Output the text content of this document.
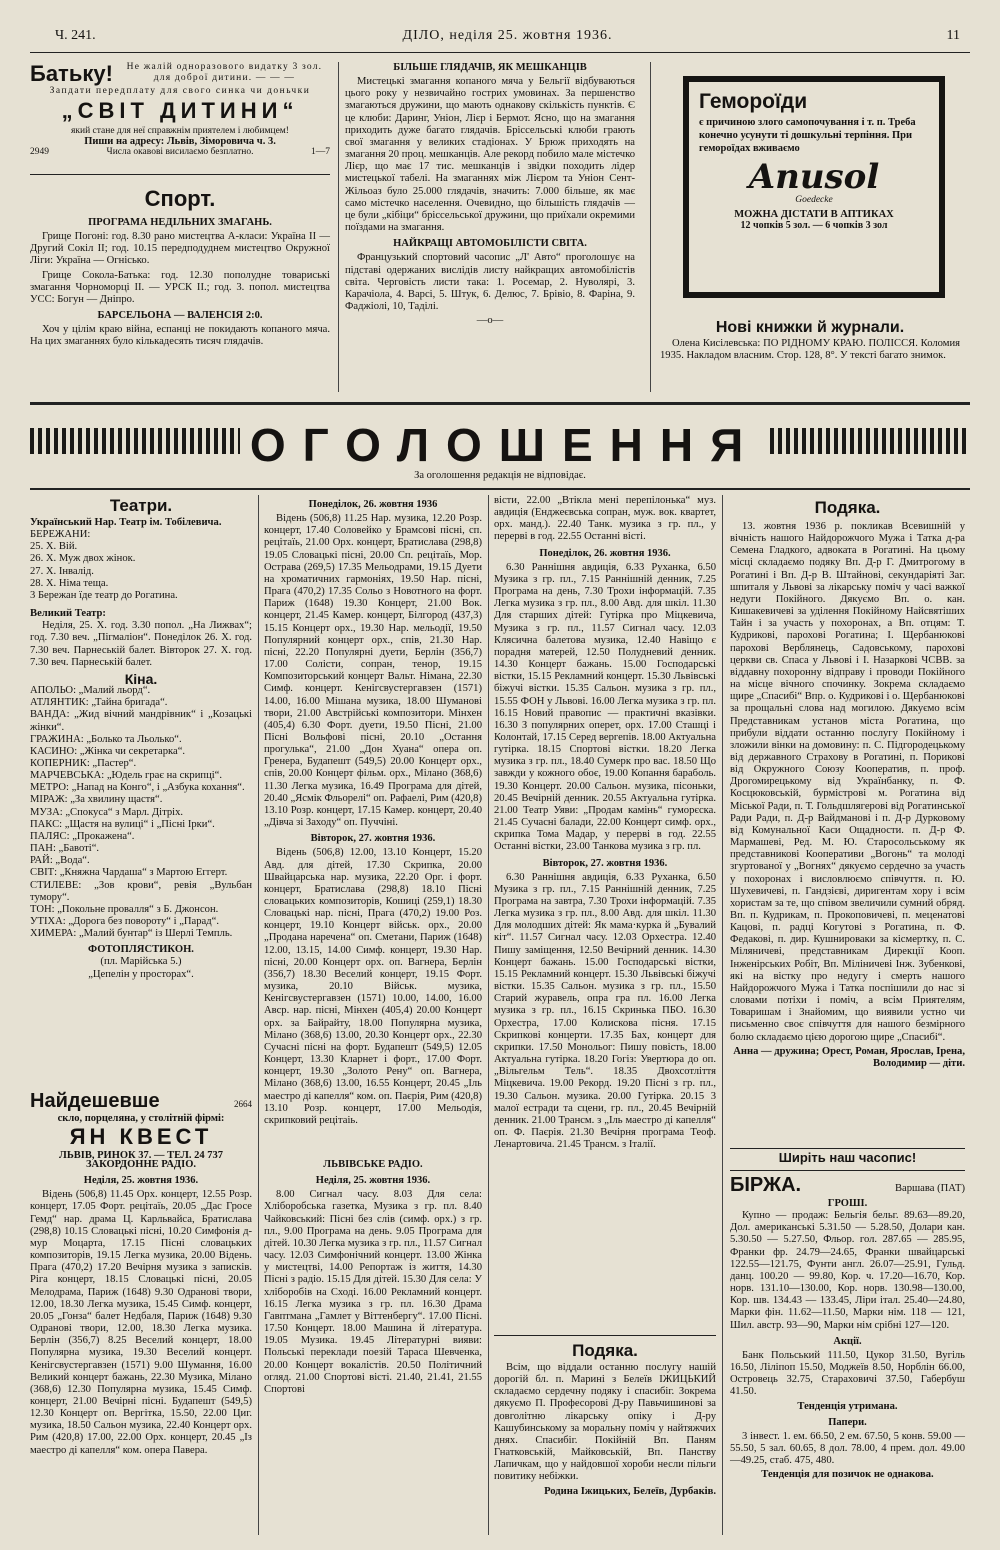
Ч. 241.	ДІЛО, неділя 25. жовтня 1936.	11
Батьку!	Не жалій одноразового видатку 3 зол. для доброї дитини. — — —
Запдати передплату для свого синка чи доньчки
„СВІТ ДИТИНИ“
який стане для неї справжнім приятелем і любимцем!
Пиши на адресу: Львів, Зіморовича ч. 3.
2949	Числа окавові висилаємо безплатно.	1—7
Спорт.
ПРОГРАМА НЕДІЛЬНИХ ЗМАГАНЬ.

Грище Погоні: год. 8.30 рано мистецтва А-класи: Україна II — Другий Сокіл II; год. 10.15 передподуднем мистецтво Окружної Ліги: Україна — Огнісько.

Грище Сокола-Батька: год. 12.30 пополудне товариські змагання Чорноморці II. — УРСК II.; год. 3. попол. мистецтва УСС: Богун — Дніпро.

БАРСЕЛЬОНА — ВАЛЕНСІЯ 2:0.

Хоч у цілім краю війна, еспанці не покидають копаного мяча. На цих змаганнях було кількадесять тисяч глядачів.

БІЛЬШЕ ГЛЯДАЧІВ, ЯК МЕШКАНЦІВ

Мистецькі змагання копаного мяча у Бельгії відбуваються цього року у незвичайно гострих умовинах. За першенство змагаються дружини, що мають однакову скількість пунктів. Є це клюби: Даринг, Уніон, Лієр і Бермот. Ясно, що на змагання приходить дуже багато глядачів. Брісcельські клюби грають свої змагання у великих стадіонах. У Брюж приходять на змагання 20 проц. мешканців. Але рекорд побило мале містечко Лієр, що має 17 тис. мешканців і звідки походить лідер мистецької табелі. На змаганнях між Лієром та Уніон Сент-Жільоаз було 25.000 глядачів, значить: 7.000 більше, як має само містечко населення. Очевидно, що більшість глядачів — це були „кібіци“ брісcельської дружини, що приїхали окремими поїздами на змагання.

НАЙКРАЩІ АВТОМОБІЛІСТИ СВІТА.

Французький спортовий часопис „Л' Авто“ проголошує на підставі одержаних вислідів листу найкращих автомобілістів світа. Черговість листи така: 1. Росемар, 2. Нуволярі, 3. Карачіола, 4. Варсі, 5. Штук, 6. Делюс, 7. Брівіо, 8. Фаріна, 9. Фаджіолі, 10, Таділі.

—o—
Гемороїди
є причиною злого самопочування і т. п. Треба конечно усунути ті дошкульні терпіння. При гемороїдах вживаємо
Anusol
Goedecke
МОЖНА ДІСТАТИ В АПТИКАХ
12 чопків 5 зол. — 6 чопків 3 зол
Нові книжки й журнали.

Олена Кисілевська: ПО РІДНОМУ КРАЮ. ПОЛІССЯ. Коломия 1935. Накладом власним. Стор. 128, 8°. У тексті багато знимок.

ОГОЛОШЕННЯ
За оголошення редакція не відповідає.
Театри.
Український Нар. Театр ім. Тобілевича.
БЕРЕЖАНИ:
25. X. Вій.
26. X. Муж двох жінок.
27. X. Інвалід.
28. X. Німа теща.
3 Бережан їде театр до Рогатина.
Великий Театр:

Неділя, 25. X. год. 3.30 попол. „На Лижвах“; год. 7.30 веч. „Пігмаліон“. Понеділок 26. X. год. 7.30 веч. Парнеській балет. Вівторок 27. X. год. 7.30 веч. Парнеській балет.

Кіна.
АПОЛЬО: „Малий льорд“.
АТЛЯНТИК: „Тайна бригада“.
ВАНДА: „Жид вічний мандрівник“ і „Козацькі жінки“.
ГРАЖИНА: „Болько та Льолько“.
КАСИНО: „Жінка чи секретарка“.
КОПЕРНИК: „Пастер“.
МАРЧЕВСЬКА: „Юдель грає на скрипці“.
МЕТРО: „Напад на Конго“, і „Азбука кохання“.
МІРАЖ: „За хвилину щастя“.
МУЗА: „Спокуса“ з Марл. Дітріх.
ПАКС: „Щастя на вулиці“ і „Пісні Ірки“.
ПАЛЯС: „Прокажена“.
ПАН: „Бавоті“.
РАЙ: „Вода“.
СВІТ: „Княжна Чардаша“ з Мартою Еггерт.
СТИЛЕВЕ: „Зов крови“, ревія „Вульбан тумору“.
ТОН: „Покольне провалля“ з Б. Джонсон.
УТІХА: „Дорога без повороту“ і „Парад“.
ХИМЕРА: „Малий бунтар“ із Шерлі Темпль.
ФОТОПЛЯСТИКОН.
(пл. Марійська 5.)
„Цепелін у просторах“.
Найдешевше	2664
скло, порцеляна, у столітній фірмі:
ЯН КВЕСТ
ЛЬВІВ, РИНОК 37. — ТЕЛ. 24 737
ЗАКОРДОННЕ РАДІО.
Неділя, 25. жовтня 1936.

Відень (506,8) 11.45 Орх. концерт, 12.55 Розр. концерт, 17.05 Форт. рецітаїь, 20.05 „Дас Гросе Гемд“ нар. драма Ц. Карльвайса, Братислава (298,8) 10.15 Словацькі пісні, 10.20 Симфонія д-мур Моцарта, 17.15 Пісні словацьких композиторів, 19.15 Легка музика, 20.00 Відень. Прага (470,2) 17.20 Вечірня музика з записків. Ріга концерт, 18.15 Словацькі пісні, 20.05 Мелодрама, Париж (1648) 9.30 Одранові твори, 12.00, 18.30 Легка музика, 15.45 Симф. концерт, 20.05 „Гонза“ балет Недбаля, Париж (1648) 9.30 Одранові твори, 12.00, 18.30 Легка музика. Берлін (356,7) 8.25 Веселий концерт, 18.00 Популярна музика, 19.30 Веселий концерт. Кенігсвустергавзен (1571) 9.00 Шумання, 16.00 Великий концерт бажань, 22.30 Музика, Мілано (368,6) 12.30 Популярна музика, 15.45 Симф. концерт, 21.00 Вечірні пісні. Будапешт (549,5) 12.30 Концерт оп. Вергітка, 15.50, 22.00 Циг. музика, 18.50 Сальон музика, 22.40 Концерт орх. Рим (420,8) 17.00, 22.00 Орх. концерт, 20.45 „Із маестро ді капелля“ ком. опера Павера.

Понеділок, 26. жовтня 1936

Відень (506,8) 11.25 Нар. музика, 12.20 Розр. концерт, 17.40 Соловейко у Брамсові пісні, сп. рецітаїь, 21.00 Орх. концерт, Братислава (298,8) 19.05 Словацькі пісні, 20.00 Сп. рецітаїь, Мор. Острава (269,5) 17.35 Мельодрами, 19.15 Дуети на хроматичних гармоніях, 19.50 Нар. пісні, Прага (470,2) 17.35 Сольо з Новотного на форт. Париж (1648) 19.30 Концерт, 21.00 Вок. концерт, 21.45 Камер. концерт, Білгород (437,3) 15.15 Концерт орх., 19.30 Нар. мельодії, 19.50 Популярний концерт орх., спів, 21.30 Нар. пісні, 22.20 Популярні дуети, Берлін (356,7) 17.00 Солісти, сопран, тенор, 19.15 Композиторський концерт Вальт. Німана, 22.30 Симф. концерт. Кенігсвустергавзен (1571) 14.00, 16.00 Мішана музика, 18.00 Шумановi твори, 21.00 Австрійські композитори. Мінхен (405,4) 6.30 Форт. дуети, 19.50 Пісні, 21.00 Пісні Вольфові пісні, 20.10 „Остання прогулька“, 21.00 „Дон Хуана“ опера оп. Гренера, Будапешт (549,5) 20.00 Концерт орх., спів, 20.00 Концерт фільм. орх., Мілано (368,6) 11.30 Легка музика, 16.49 Програма для дітей, 20.40 „Ясмік Фльорелі“ оп. Рафаелі, Рим (420,8) 13.10 Розр. концерт, 17.15 Камер. концерт, 20.40 „Дівча зі Заходу“ оп. Пуччіні.

Вівторок, 27. жовтня 1936.

Відень (506,8) 12.00, 13.10 Концерт, 15.20 Авд. для дітей, 17.30 Скрипка, 20.00 Швайцарська нар. музика, 22.20 Орг. і форт. концерт, Братислава (298,8) 18.10 Пісні словацьких композиторів, Кошиці (259,1) 18.30 Словацькі нар. пісні, Прага (470,2) 19.00 Роз. концерт, 19.10 Концерт військ. орх., 20.00 „Продана наречена“ оп. Сметани, Париж (1648) 12.00, 13.15, 14.00 Симф. концерт, 19.30 Нар. пісні, 20.00 Концерт орх. оп. Вагнера, Берлін (356,7) 18.30 Веселий концерт, 19.15 Форт. музика, 20.10 Військ. музика, Кенігсвустергавзен (1571) 10.00, 14.00, 16.00 Авср. нар. пісні, Мінхен (405,4) 20.00 Концерт орх. за Байрайту, 18.00 Популярна музика, Мілано (368,6) 13.00, 20.30 Концерт орх., 22.30 Сучасні пісні на форт. Будапешт (549,5) 12.05 Концерт, 13.30 Кларнет і форт., 17.00 Форт. концерт, 19.30 „Золото Рену“ оп. Вагнера, Мілано (368,6) 13.00, 16.55 Концерт, 20.45 „Іль маестро ді капелля“ ком. оп. Паєрія, Рим (420,8) 13.10 Розр. концерт, 17.00 Мельодія, скрипковий рецітаіь.

ЛЬВІВСЬКЕ РАДІО.
Неділя, 25. жовтня 1936.

8.00 Сигнал часу. 8.03 Для села: Хліборобська газетка, Музика з гр. пл. 8.40 Чайковський: Пісні без слів (симф. орх.) з гр. пл., 9.00 Програма на день. 9.05 Програма для дітей. 10.30 Легка музика з гр. пл., 11.57 Сигнал часу. 12.03 Симфонічний концерт. 13.00 Жінка у мистецтві, 14.00 Репортаж із життя, 14.30 Пісні з радіо. 15.15 Для дітей. 15.30 Для села: У хліборобів на Сході. 16.00 Рекламний концерт. 16.15 Легка музика з гр. пл. 16.30 Драма Гавптмана „Гамлет у Віттенбергу“. 17.00 Пісні. 17.50 Концерт. 18.00 Машина й література. 19.05 Музика. 19.45 Літературні вияви: Польські переклади поезій Тараса Шевченка, 20.00 Концерт вокалістів. 20.50 Політичний огляд. 21.00 Спортові вісті. 21.40, 21.41, 21.55 Спортові

вісти, 22.00 „Втікла мені перепілонька“ муз. авдиція (Енджеєвська сопран, муж. вок. квартет, орх. манд.). 22.40 Танк. музика з гр. пл., у перерві в год. 22.55 Останні вісті.

Понеділок, 26. жовтня 1936.

6.30 Раннішня авдиція, 6.33 Руханка, 6.50 Музика з гр. пл., 7.15 Раннішній денник, 7.25 Програма на день, 7.30 Трохи інформацій. 7.35 Легка музика з гр. пл., 8.00 Авд. для шкіл. 11.30 Для старших дітей: Гутірка про Міцкевича, Музика з гр. пл., 11.57 Сигнал часу. 12.03 Клясична балетова музика, 12.40 Навіщо є порадня матерей, 12.50 Полудневий денник. 14.30 Концерт бажань. 15.00 Господарські вістки, 15.15 Рекламний концерт. 15.30 Львівські біжучі вістки. 15.35 Сальон. музика з гр. пл., 15.55 ФОН у Львові. 16.00 Легка музика з гр. пл. 16.15 Новий правопис — практичні вказівки. 16.30 З популярних оперет, орх. 17.00 Сташці і Колонтай, 17.15 Серед вергепів. 18.00 Актуальна гутірка. 18.15 Спортові вістки. 18.20 Легка музика з гр. пл., 18.40 Сумерк про вас. 18.50 Що завжди у кожного обоє, 19.00 Копання бараболь. 19.30 Концерт. 20.00 Сальон. музика, пісоньки, 20.45 Вечірній денник. 20.55 Актуальна гутірка. 21.00 Театр Уяви: „Продам камінь“ гуморєска. 21.45 Сучасні балади, 22.00 Концерт симф. орх., скрипка Тома Мадар, у перерві в год. 22.55 Останні вістки, 23.00 Танкова музика з гр. пл.

Вівторок, 27. жовтня 1936.

6.30 Раннішня авдиція, 6.33 Руханка, 6.50 Музика з гр. пл., 7.15 Раннішній денник, 7.25 Програма на завтра, 7.30 Трохи інформацій. 7.35 Легка музика з гр. пл., 8.00 Авд. для шкіл. 11.30 Для молодших дітей: Як мама·куркa й „Бувалий кіт“. 11.57 Сигнал часу. 12.03 Орхестра. 12.40 Пишу заміщення, 12.50 Вечірний денник. 14.30 Концерт бажань. 15.00 Господарські вістки, 15.15 Рекламний концерт. 15.30 Львівські біжучі вістки. 15.35 Сальон. музика з гр. пл., 15.50 Старий журавель, опра гра пл. 16.00 Легка музика з гр. пл., 16.15 Скринька ПБО. 16.30 Орхестра, 17.00 Колискова пісня. 17.15 Скрипкові концерти. 17.35 Бах, концерт для скрипки. 17.50 Монольог: Пишу повість, 18.00 Актуальна гутірка. 18.20 Гогіз: Увертюра до оп. „Вільгельм Тель“. 18.35 Двохсотліття Міцкевича. 19.00 Рекорд. 19.20 Пісні з гр. пл., 19.30 Сальон. музика. 20.00 Гутірка. 20.15 3 малої естради та сцени, гр. пл., 20.45 Вечірній денник. 21.00 Трансм. з „Іль маестро ді капелля“ оп. Ф. Паєрія. 21.30 Вечірня програма Теоф. Ленартовича. 21.45 Трансм. з Італії.

Подяка.

Всім, що віддали останню послугу нашій дорогій бл. п. Марині з Белеїв ІЖИЦЬКИЙ складаємо сердечну подяку і спасибіг. Зокрема дякуємо П. Професорові Д-ру Павьчишиновi за довголітню лікарську опіку і Д-ру Кашубинському за моральну поміч у найтяжчих днях. Спасибіг. Покійній Вп. Паням Гнатковській, Майковській, Вп. Панству Лапичкам, що у найдовшої хороби несли пільги повитику небіжки.

Родина Іжицьких, Белеїв, Дурбаків.
Подяка.

13. жовтня 1936 р. покликав Всевишній у вічність нашого Найдорожчого Мужа і Татка д-ра Семена Гладкого, адвоката в Рогатині. На цьому місці складаємо подяку Вп. Д-р Г. Дмитрогому в Рогатині і Вп. Д-р В. Штайнові, секундаріяті Заг. шпиталя у Львові за лікарську поміч у часі важкої недуги Покійного. Дякуємо Вп. о. кан. Кишакевичеві за уділення Покійному Найсвятіших Тайн і за участь у похоронах, а Вп. отцям: Т. Кудриковi, пароховi Рогатина; І. Щербанюкові пароховi Верблянець, Садовському, пароховi церкви св. Спаса у Львові і І. Назарковi ЧСВВ. за віддавну похоронну відправу і проводи Покійного на місце вічного спочинку. Зокрема складаємо щире „Спасибі“ Впр. о. Кудрикові і о. Щербанюкові за прощальні слова над могилою. Дякуємо всім Представникам установ міста Рогатина, що прибули віддати останню послугу Покійному і зложили вінки на домовину: п. С. Підгородецькому від державного Страхову в Рогатині, п. Пориковi від Окружного Союзу Кооператив, п. проф. Дрогомирецькому від Українбанку, п. Ф. Косцюковській, бурмістрові м. Рогатина від Міської Ради, п. Т. Гольдшлягерові від Рогатинської Ради Ради, п. Д-р Вайдманові і п. Д-р Дурковому від Комунальної Каси Ощадности. п. Д-р Ф. Мармашеві, Ред. М. Ю. Старосольському як представникові Кооперативи „Вогонь“ та молоді згуртованої у „Вогнях“ дякуємо сердечно за участь у похоронах і висловлюємо співчуття. п. Ю. Шухевичеві, п. Гандзієві, диригентам хору і всім хористам за те, що співом звеличили сумний обряд. Вп. п. Кудрикам, п. Прокоповичевi, п. меценатові Кацові, п. радці Когутовi з Рогатина, п. Ф. Федаковi, п. дир. Кушнироваки за кісмертку, п. С. Міляничевi, представникам Дирекції Кооп. Інженірських Робіт, Вп. Міліничевi Інж. Зубенковi, які на вістку про недугу і смерть нашого Найдорожчого Мужа і Татка поспішили до нас зі словами потіхи і поміч, а всім Приятелям, Товаришам і Знайомим, що виявили устно чи письменно своє співчуття для нашого безмірного болю складаємо цією дорогою щире „Спасибі“.

Анна — дружина; Орест, Роман, Ярослав, Ірена, Володимир — діти.
Ширіть наш часопис!
БІРЖА.	Варшава (ПАТ)
ГРОШІ.

Купно — продаж: Бельгія бельг. 89.63—89.20, Дол. американські 5.31.50 — 5.28.50, Долари кан. 5.30.50 — 5.27.50, Фльор. гол. 287.65 — 285.95, Франки фр. 24.79—24.65, Франки швайцарські 122.55—121.75, Фунти англ. 26.07—25.91, Гульд. данц. 100.20 — 99.80, Кор. ч. 17.20—16.70, Кор. норв. 131.10—130.00, Кор. норв. 130.98—130.00, Кор. шв. 134.43 — 133.45, Ліри італ. 25.40—24.80, Марки фін. 11.62—11.50, Марки нім. 118 — 121, Шил. австр. 93—90, Марки нім срібні 127—120.

Акції.

Банк Польський 111.50, Цукор 31.50, Вугіль 16.50, Ліліпоп 15.50, Моджеїв 8.50, Норблін 66.00, Островець 32.75, Стараховичі 37.50, Габербуш 41.50.

Тенденція утримана.
Папери.

3 інвест. 1. ем. 66.50, 2 ем. 67.50, 5 конв. 59.00 — 55.50, 5 зал. 60.65, 8 дол. 78.00, 4 прем. дол. 49.00—49.25, стаб. 475, 480.

Тенденція для позичок не однакова.
